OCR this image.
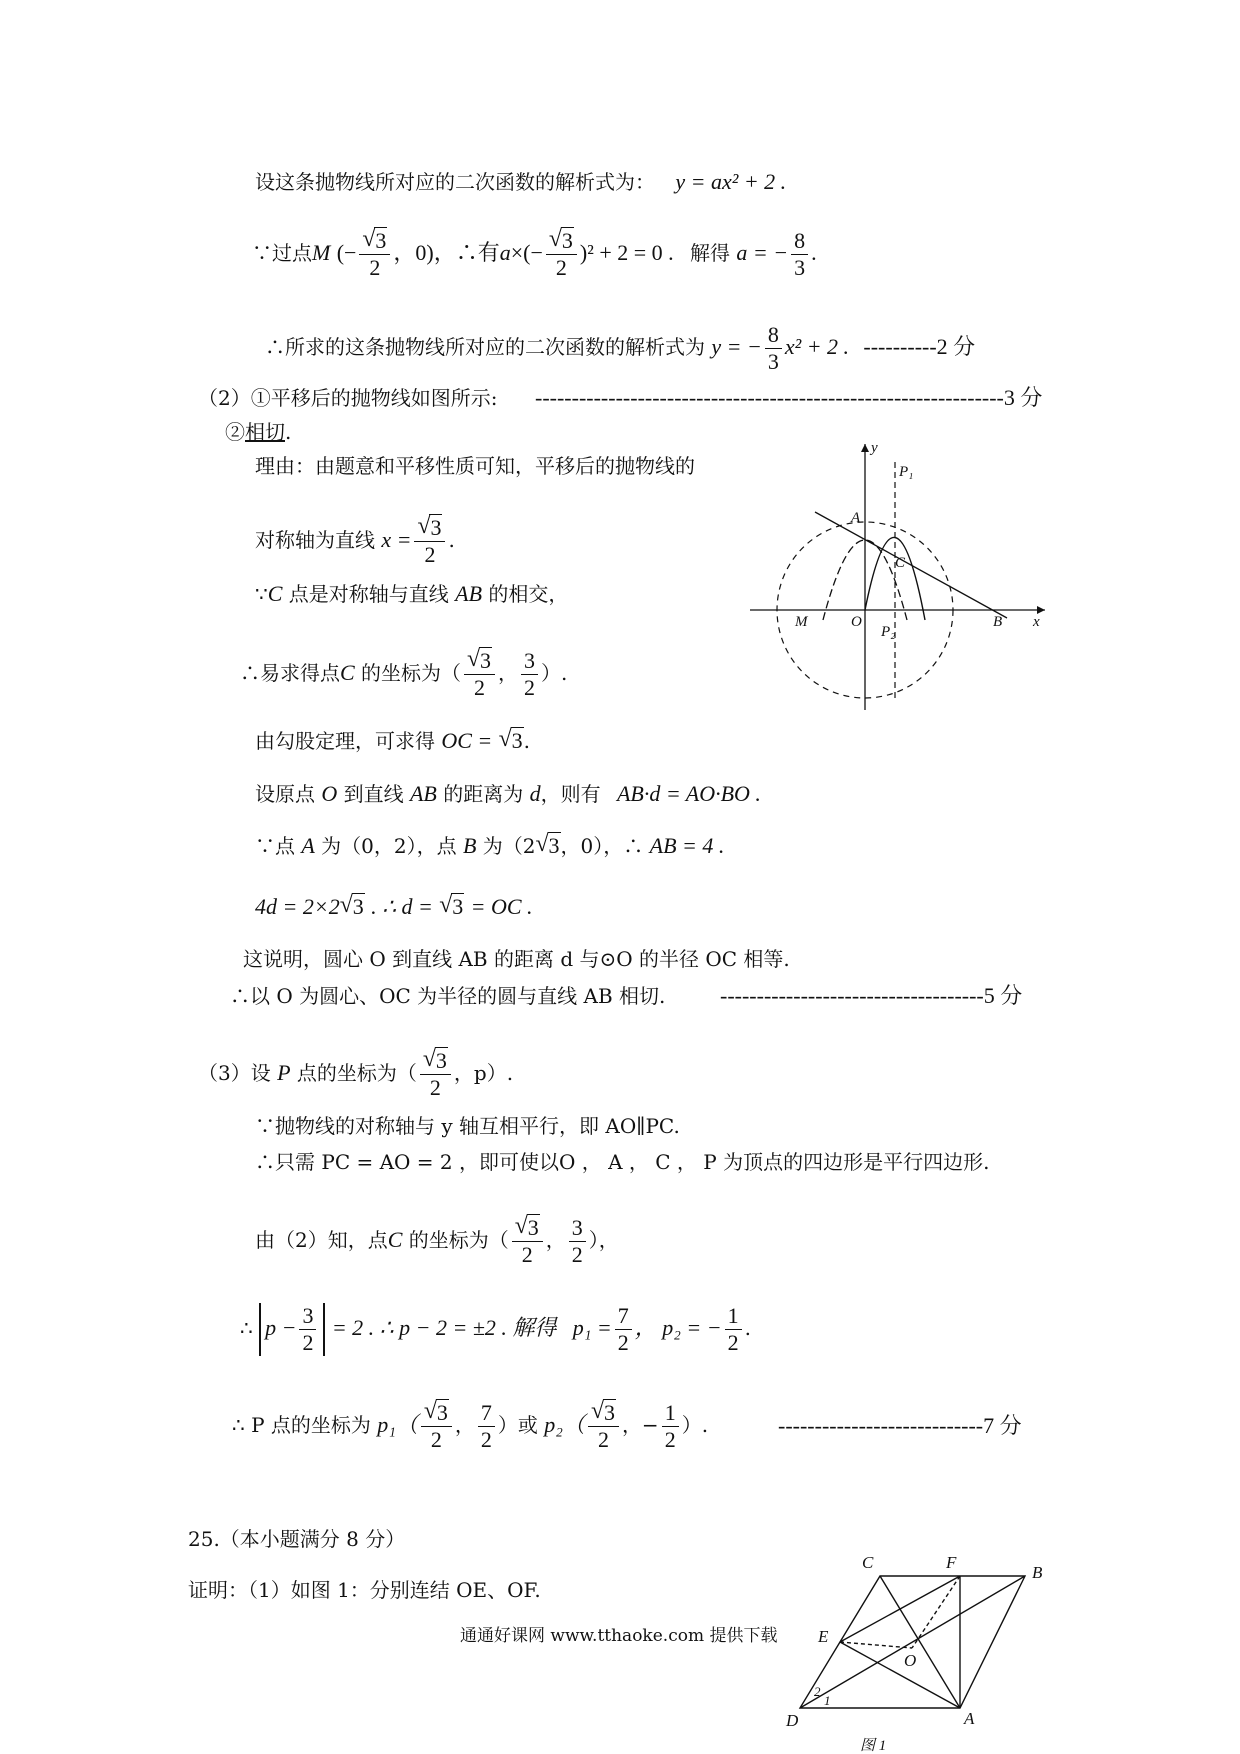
设这条抛物线所对应的二次函数的解析式为： y = ax² + 2 .
∵过点M (− $\frac{√ 3}{2}$ ，0)，∴有$a\times(- \frac{√ 3}{2} )^2 + 2 = 0$ . 解得 a = − $\frac{8}{3}$ .
∴所求的这条抛物线所对应的二次函数的解析式为 y = − $\frac{8}{3} x^2 + 2$ . ----------2 分
（2）①平移后的抛物线如图所示: ----------------------------------------------------------------3 分
②相切.
理由：由题意和平移性质可知，平移后的抛物线的
对称轴为直线 $x = \frac{√ 3}{2}$ .
∵C 点是对称轴与直线 AB 的相交，
∴易求得点C 的坐标为（ $\frac{√ 3}{2}$ ， $\frac{3}{2}$ ）.
由勾股定理，可求得 OC = √ 3.
设原点 O 到直线 AB 的距离为 d，则有 AB·d = AO·BO .
∵点 A 为（0，2），点 B 为（2 √ 3，0），∴ AB = 4 .
4d = 2×2 √ 3 . ∴ d = √ 3 = OC .
这说明，圆心 O 到直线 AB 的距离 d 与⊙O 的半径 OC 相等.
∴以 O 为圆心、OC 为半径的圆与直线 AB 相切. ------------------------------------5 分
y
P₁
A
C
M	O
P₂
B x
（3）设 P 点的坐标为（ $\frac{√ 3}{2}$ ，p）.
∵抛物线的对称轴与 y 轴互相平行，即 AO∥PC.
∴只需 PC = AO = 2 ，即可使以O ， A ， C ， P 为顶点的四边形是平行四边形.
由（2）知，点C 的坐标为（ $\frac{√ 3}{2}$ ， $\frac{3}{2}$ ），
∴ $p - \frac{3}{2} = 2$ . ∴ p − 2 = ±2 . 解得 $p_1 = \frac{7}{2}$ ， p₂ = − $\frac{1}{2}$ .
∴ P 点的坐标为 $p_1( \frac{√ 3}{2}$ ， $\frac{7}{2}$ ）或 $p_2( \frac{√ 3}{2}$ ，− $\frac{1}{2}$ ）.	----------------------------7 分
25.（本小题满分 8 分）
证明：（1）如图 1：分别连结 OE、OF.
通通好课网 www.tthaoke.com 提供下载
C	F
B
E
O
2
1
D	A
图 1
